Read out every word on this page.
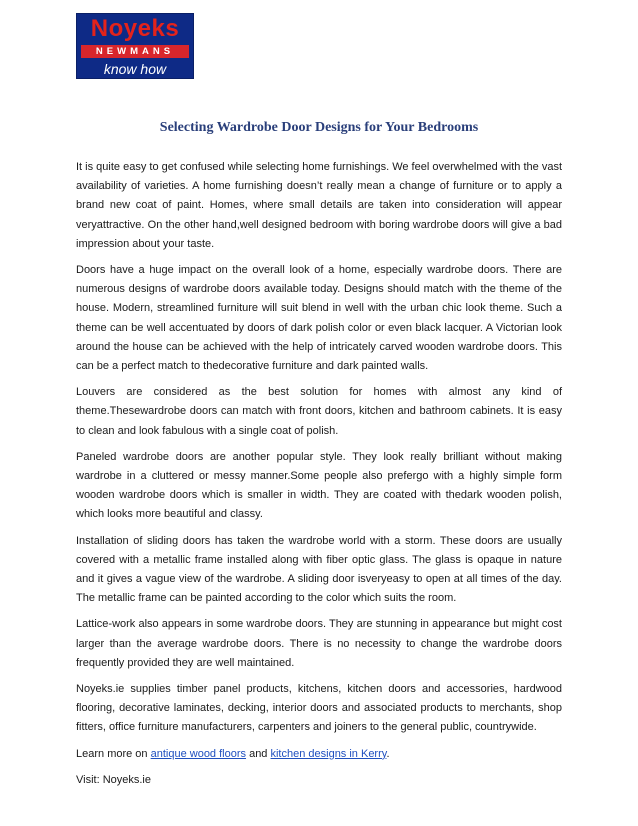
Noyeks
NEWMANS
know how
Selecting Wardrobe Door Designs for Your Bedrooms

It is quite easy to get confused while selecting home furnishings. We feel overwhelmed with the vast availability of varieties. A home furnishing doesn’t really mean a change of furniture or to apply a brand new coat of paint. Homes, where small details are taken into consideration will appear veryattractive. On the other hand,well designed bedroom with boring wardrobe doors will give a bad impression about your taste.

Doors have a huge impact on the overall look of a home, especially wardrobe doors. There are numerous designs of wardrobe doors available today. Designs should match with the theme of the house. Modern, streamlined furniture will suit blend in well with the urban chic look theme. Such a theme can be well accentuated by doors of dark polish color or even black lacquer. A Victorian look around the house can be achieved with the help of intricately carved wooden wardrobe doors. This can be a perfect match to thedecorative furniture and dark painted walls.

Louvers are considered as the best solution for homes with almost any kind of theme.Thesewardrobe doors can match with front doors, kitchen and bathroom cabinets. It is easy to clean and look fabulous with a single coat of polish.

Paneled wardrobe doors are another popular style. They look really brilliant without making wardrobe in a cluttered or messy manner.Some people also prefergo with a highly simple form wooden wardrobe doors which is smaller in width. They are coated with thedark wooden polish, which looks more beautiful and classy.

Installation of sliding doors has taken the wardrobe world with a storm. These doors are usually covered with a metallic frame installed along with fiber optic glass. The glass is opaque in nature and it gives a vague view of the wardrobe. A sliding door isveryeasy to open at all times of the day. The metallic frame can be painted according to the color which suits the room.

Lattice-work also appears in some wardrobe doors. They are stunning in appearance but might cost larger than the average wardrobe doors. There is no necessity to change the wardrobe doors frequently provided they are well maintained.

Noyeks.ie supplies timber panel products, kitchens, kitchen doors and accessories, hardwood flooring, decorative laminates, decking, interior doors and associated products to merchants, shop fitters, office furniture manufacturers, carpenters and joiners to the general public, countrywide.

Learn more on antique wood floors and kitchen designs in Kerry.

Visit: Noyeks.ie
